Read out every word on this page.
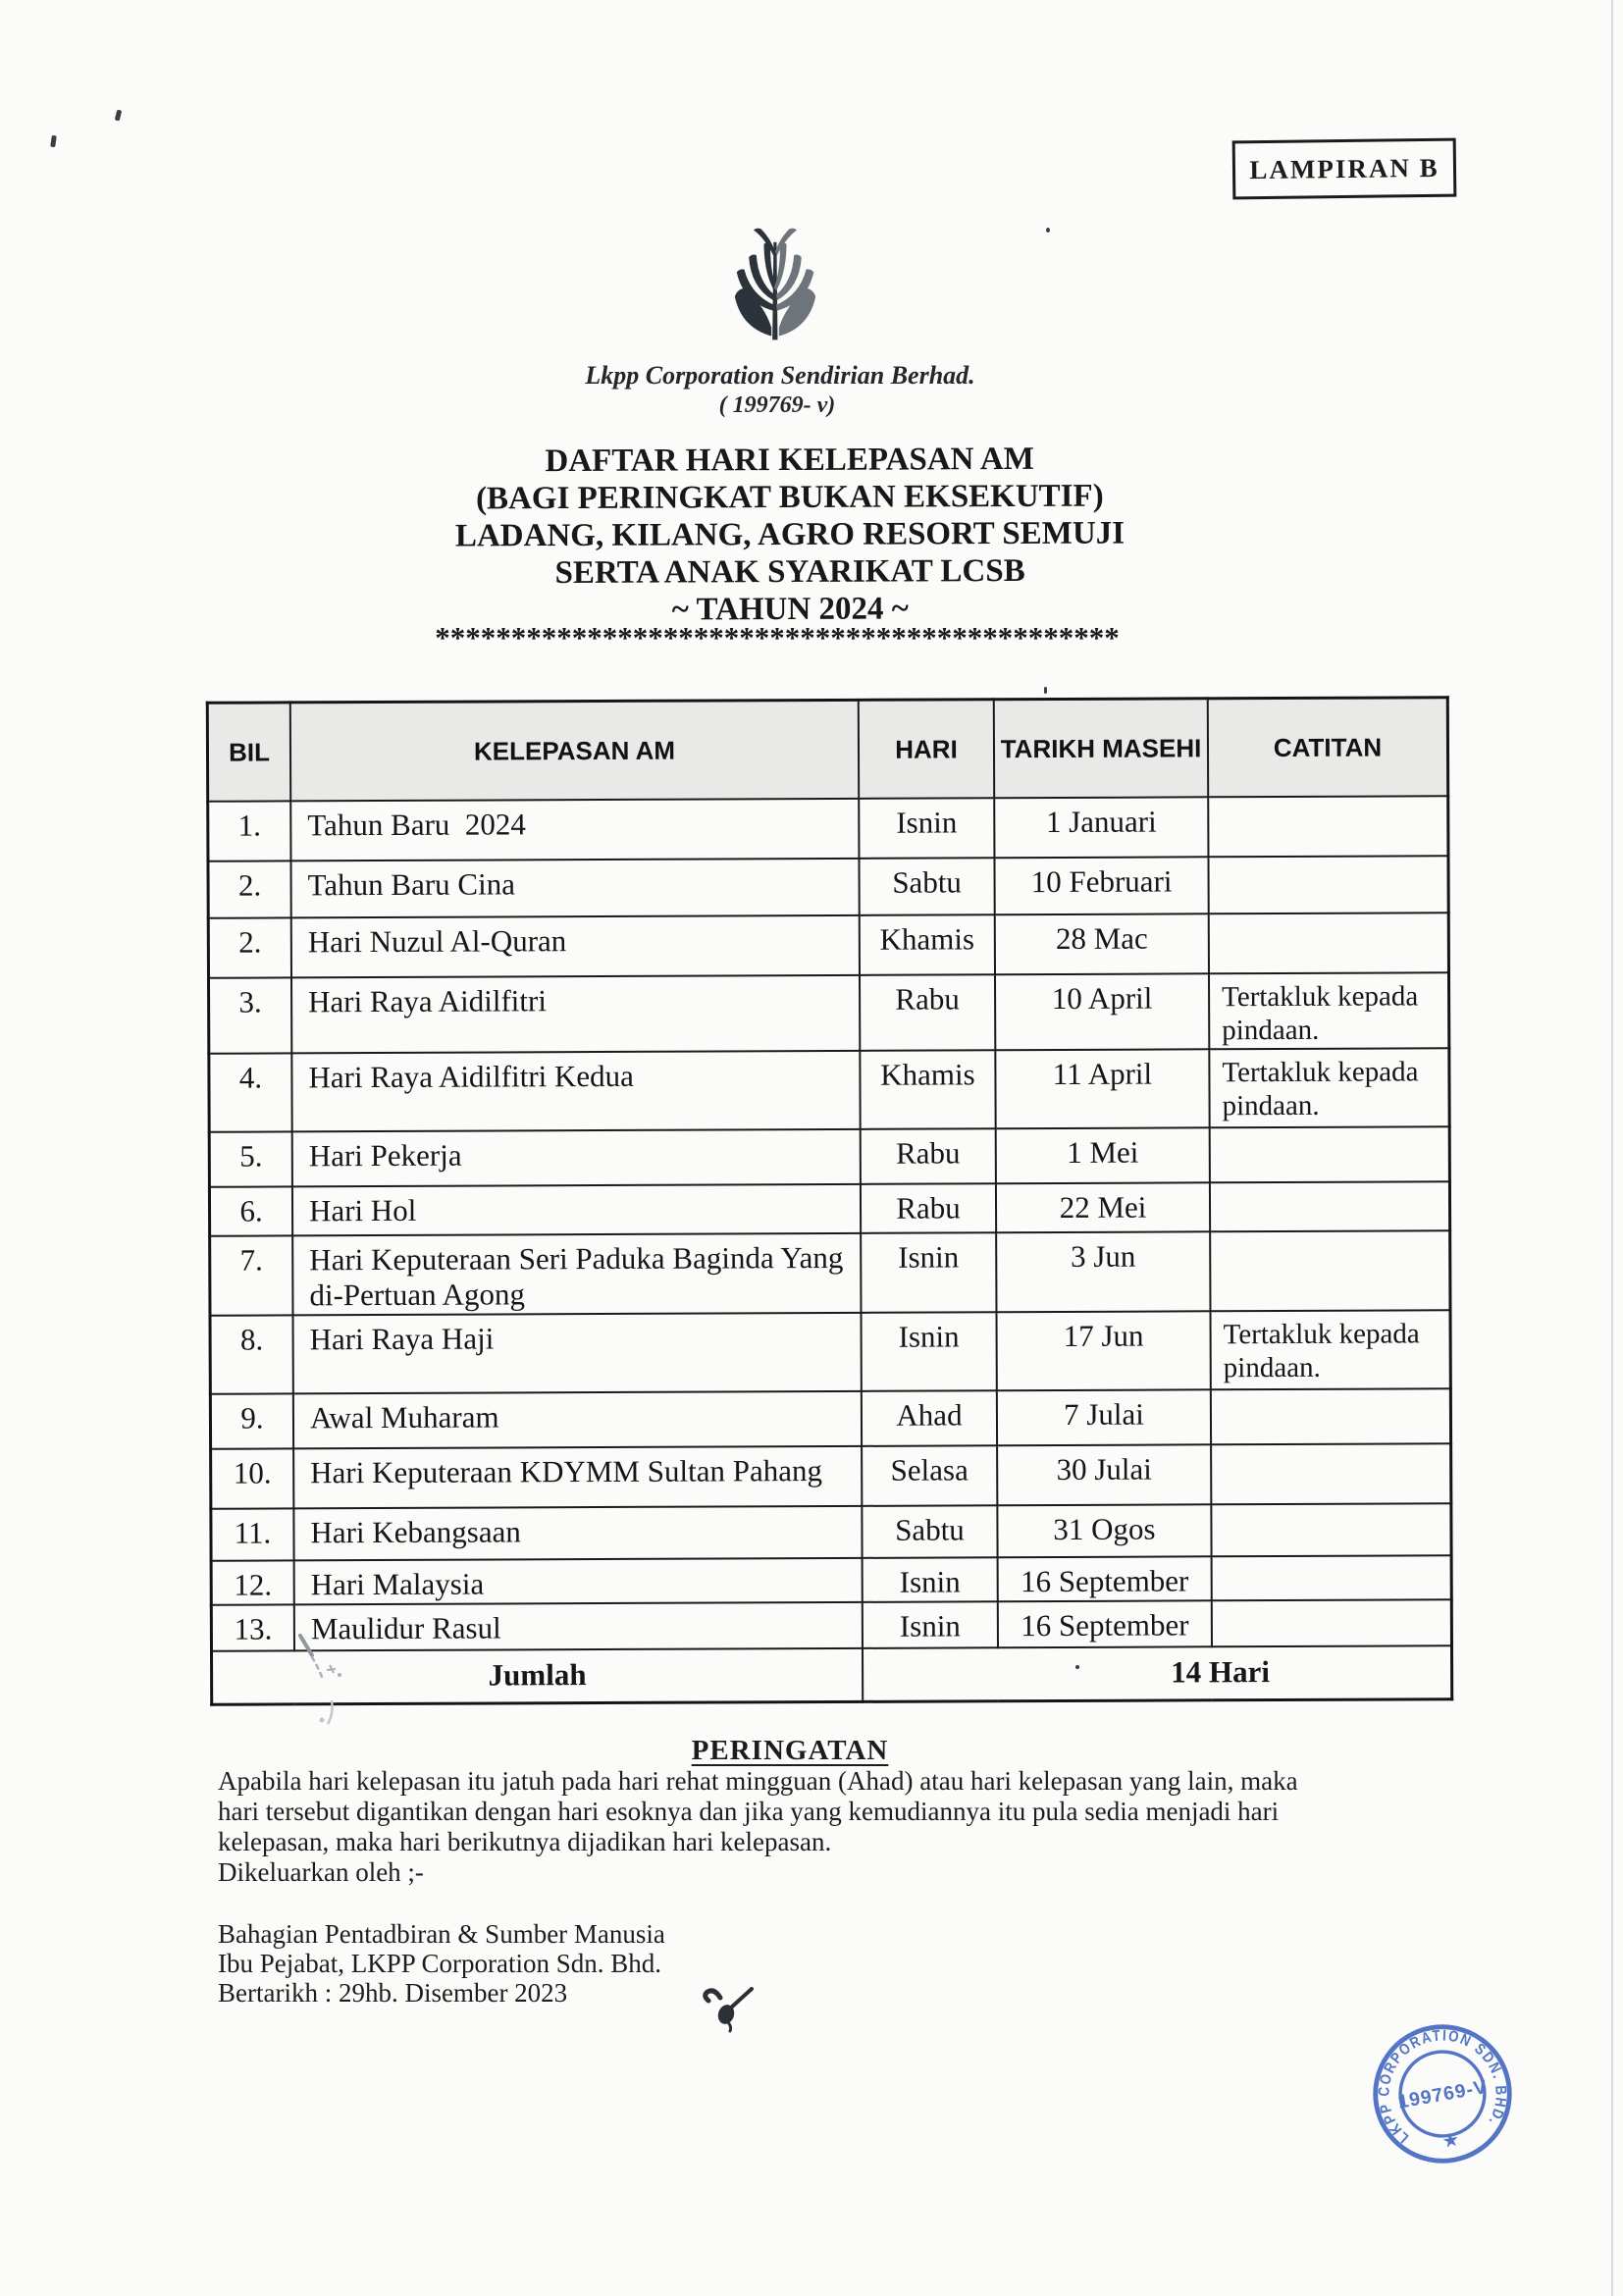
LAMPIRAN B
Lkpp Corporation Sendirian Berhad.
( 199769- v)
DAFTAR HARI KELEPASAN AM
(BAGI PERINGKAT BUKAN EKSEKUTIF)
LADANG, KILANG, AGRO RESORT SEMUJI
SERTA ANAK SYARIKAT LCSB
~ TAHUN 2024 ~
*********************************************
BIL	KELEPASAN AM	HARI	TARIKH MASEHI	CATITAN
1.	Tahun Baru  2024	Isnin	1 Januari	
2.	Tahun Baru Cina	Sabtu	10 Februari	
2.	Hari Nuzul Al-Quran	Khamis	28 Mac	
3.	Hari Raya Aidilfitri	Rabu	10 April	Tertakluk kepada pindaan.
4.	Hari Raya Aidilfitri Kedua	Khamis	11 April	Tertakluk kepada pindaan.
5.	Hari Pekerja	Rabu	1 Mei	
6.	Hari Hol	Rabu	22 Mei	
7.	Hari Keputeraan Seri Paduka Baginda Yang di-Pertuan Agong	Isnin	3 Jun	
8.	Hari Raya Haji	Isnin	17 Jun	Tertakluk kepada pindaan.
9.	Awal Muharam	Ahad	7 Julai	
10.	Hari Keputeraan KDYMM Sultan Pahang	Selasa	30 Julai	
11.	Hari Kebangsaan	Sabtu	31 Ogos	
12.	Hari Malaysia	Isnin	16 September	
13.	Maulidur Rasul	Isnin	16 September	
Jumlah		14 Hari		
PERINGATAN
Apabila hari kelepasan itu jatuh pada hari rehat mingguan (Ahad) atau hari kelepasan yang lain, maka
hari tersebut digantikan dengan hari esoknya dan jika yang kemudiannya itu pula sedia menjadi hari
kelepasan, maka hari berikutnya dijadikan hari kelepasan.
Dikeluarkan oleh ;-
Bahagian Pentadbiran & Sumber Manusia
Ibu Pejabat, LKPP Corporation Sdn. Bhd.
Bertarikh : 29hb. Disember 2023
LKPP CORPORATION SDN. BHD.
199769-V
★
